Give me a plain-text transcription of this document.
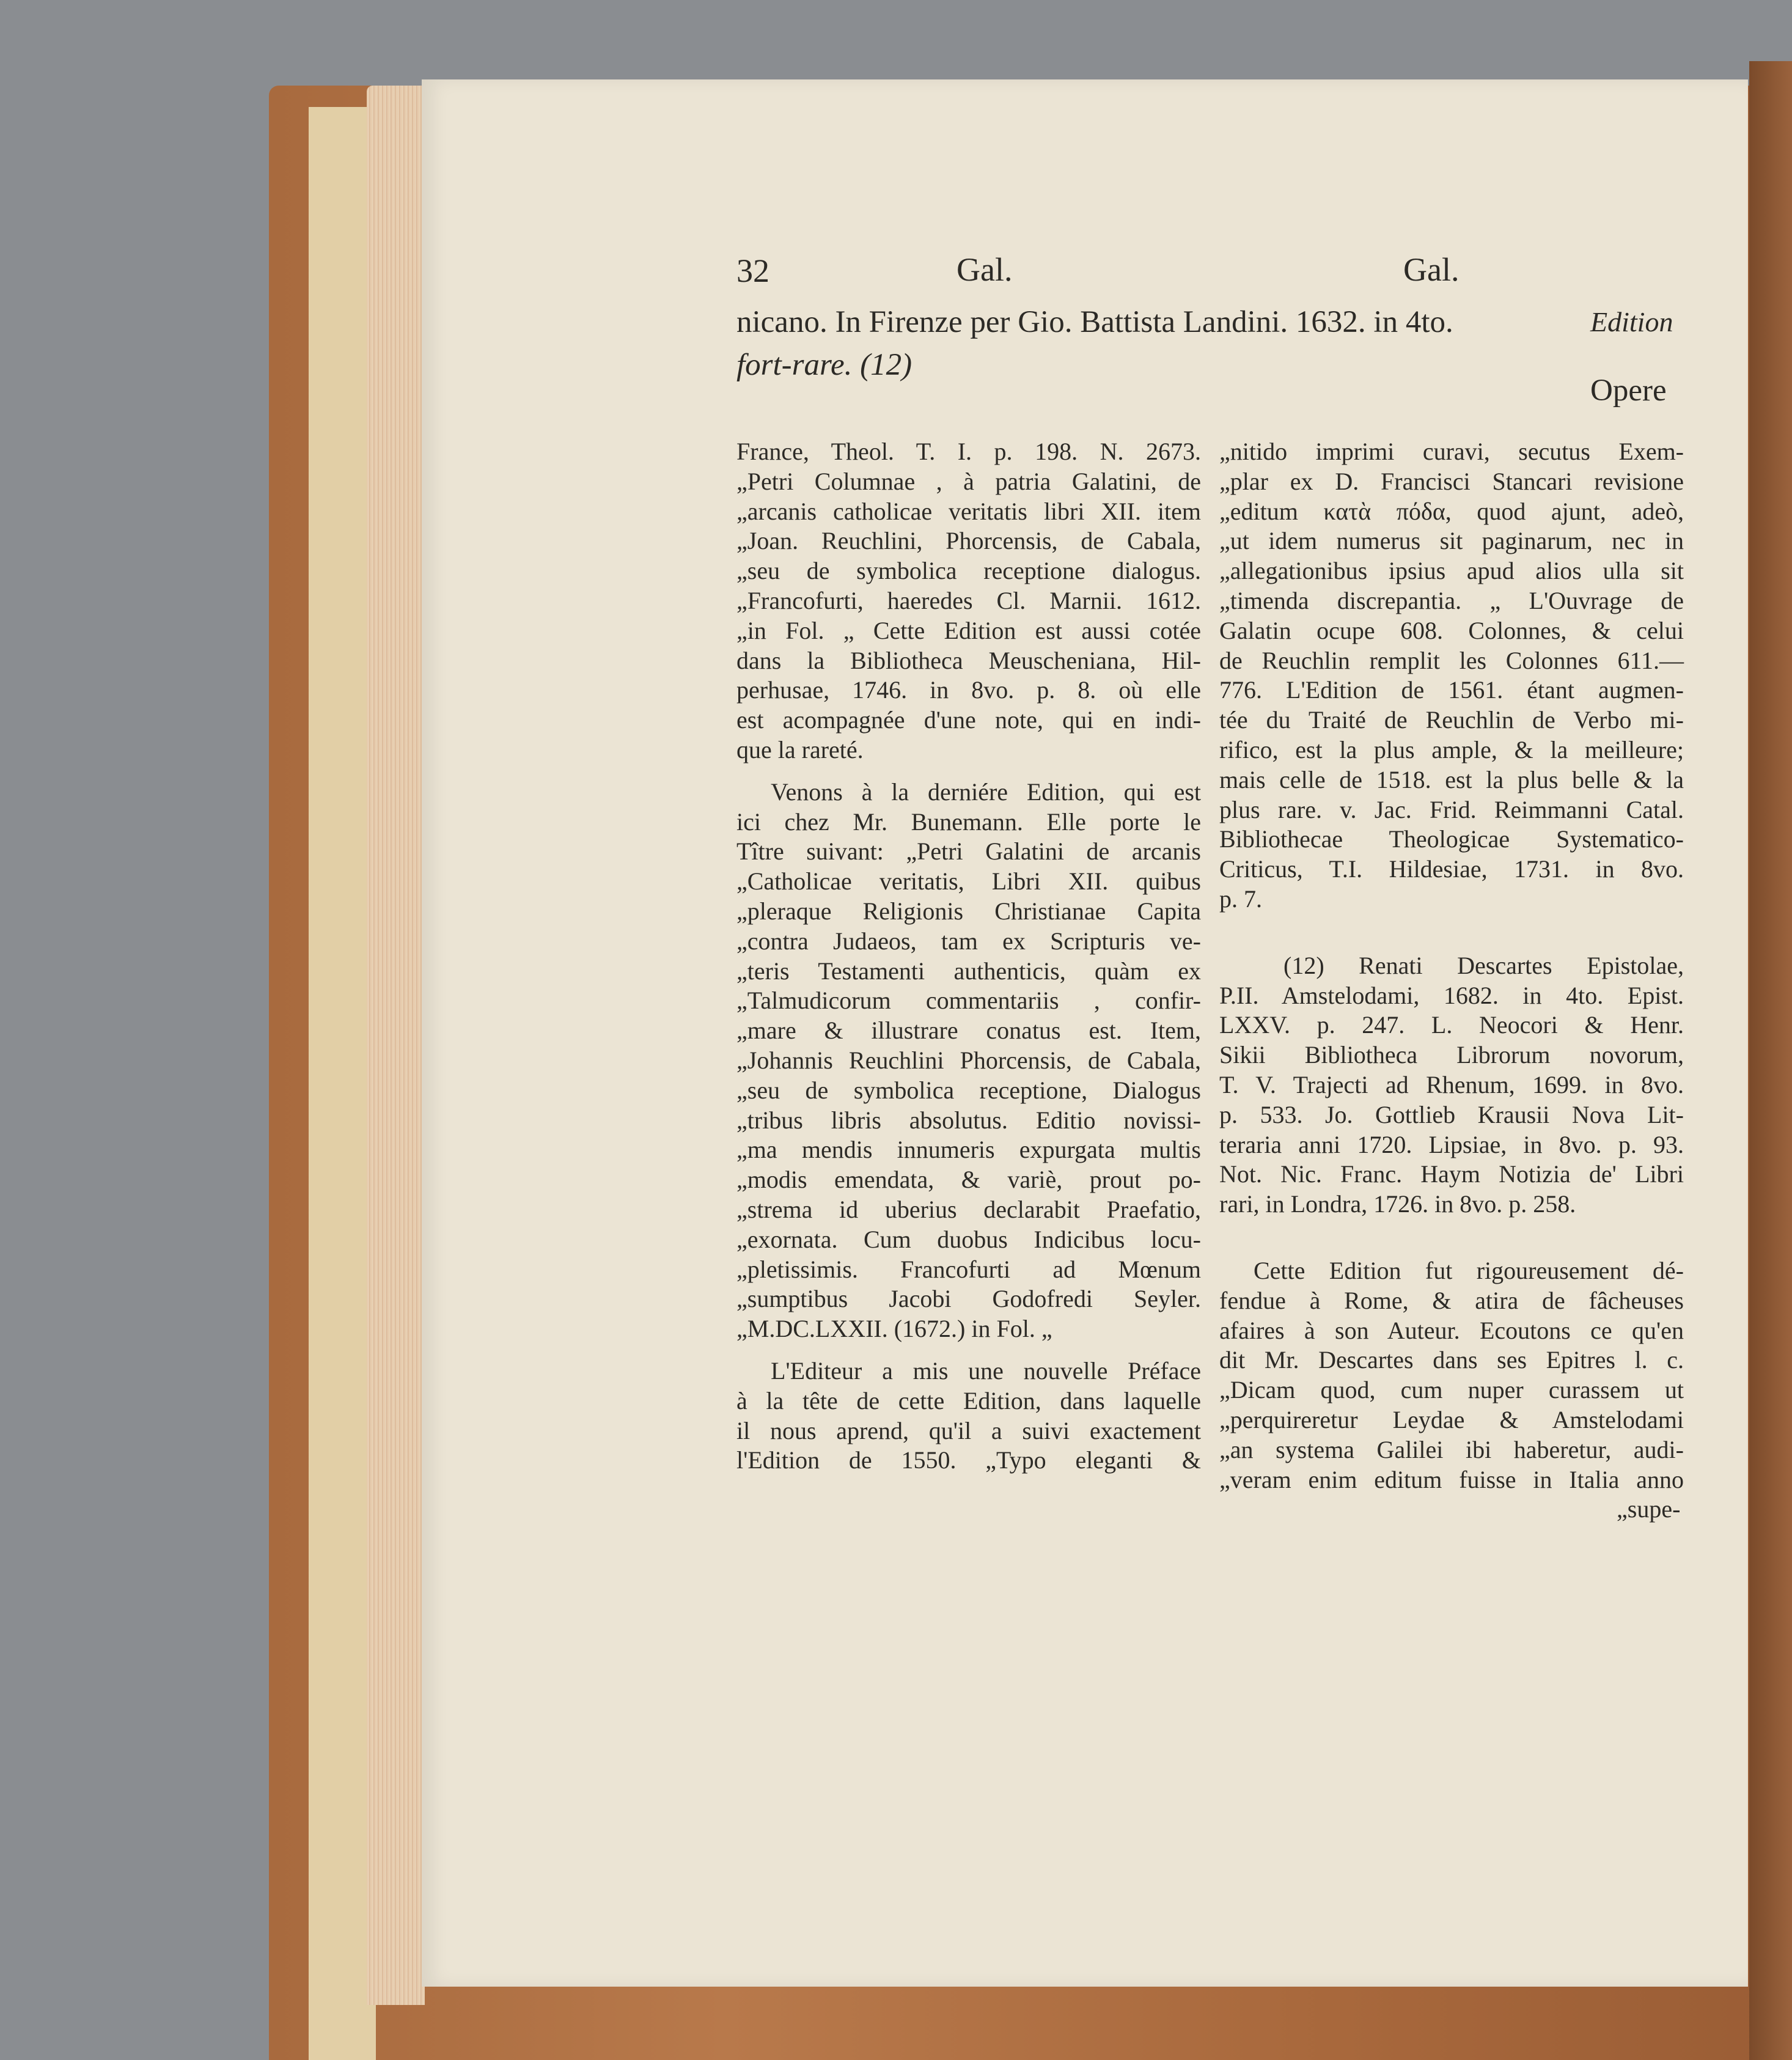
32	Gal.	Gal.
nicano. In Firenze per Gio. Battista Landini. 1632. in 4to.	Edition
fort-rare. (12)
Opere
France, Theol. T. I. p. 198. N. 2673.
„Petri Columnae , à patria Galatini, de
„arcanis catholicae veritatis libri XII. item
„Joan. Reuchlini, Phorcensis, de Cabala,
„seu de symbolica receptione dialogus.
„Francofurti, haeredes Cl. Marnii. 1612.
„in Fol. „ Cette Edition est aussi cotée
dans la Bibliotheca Meuscheniana, Hil-
perhusae, 1746. in 8vo. p. 8. où elle
est acompagnée d'une note, qui en indi-
que la rareté.
Venons à la derniére Edition, qui est
ici chez Mr. Bunemann. Elle porte le
Tître suivant: „Petri Galatini de arcanis
„Catholicae veritatis, Libri XII. quibus
„pleraque Religionis Christianae Capita
„contra Judaeos, tam ex Scripturis ve-
„teris Testamenti authenticis, quàm ex
„Talmudicorum commentariis , confir-
„mare & illustrare conatus est. Item,
„Johannis Reuchlini Phorcensis, de Cabala,
„seu de symbolica receptione, Dialogus
„tribus libris absolutus. Editio novissi-
„ma mendis innumeris expurgata multis
„modis emendata, & variè, prout po-
„strema id uberius declarabit Praefatio,
„exornata. Cum duobus Indicibus locu-
„pletissimis. Francofurti ad Mœnum
„sumptibus Jacobi Godofredi Seyler.
„M.DC.LXXII. (1672.) in Fol. „
L'Editeur a mis une nouvelle Préface
à la tête de cette Edition, dans laquelle
il nous aprend, qu'il a suivi exactement
l'Edition de 1550. „Typo eleganti &
„nitido imprimi curavi, secutus Exem-
„plar ex D. Francisci Stancari revisione
„editum κατὰ πόδα, quod ajunt, adeò,
„ut idem numerus sit paginarum, nec in
„allegationibus ipsius apud alios ulla sit
„timenda discrepantia. „ L'Ouvrage de
Galatin ocupe 608. Colonnes, & celui
de Reuchlin remplit les Colonnes 611.—
776. L'Edition de 1561. étant augmen-
tée du Traité de Reuchlin de Verbo mi-
rifico, est la plus ample, & la meilleure;
mais celle de 1518. est la plus belle & la
plus rare. v. Jac. Frid. Reimmanni Catal.
Bibliothecae Theologicae Systematico-
Criticus, T.I. Hildesiae, 1731. in 8vo.
p. 7.
(12) Renati Descartes Epistolae,
P.II. Amstelodami, 1682. in 4to. Epist.
LXXV. p. 247. L. Neocori & Henr.
Sikii Bibliotheca Librorum novorum,
T. V. Trajecti ad Rhenum, 1699. in 8vo.
p. 533. Jo. Gottlieb Krausii Nova Lit-
teraria anni 1720. Lipsiae, in 8vo. p. 93.
Not. Nic. Franc. Haym Notizia de' Libri
rari, in Londra, 1726. in 8vo. p. 258.
Cette Edition fut rigoureusement dé-
fendue à Rome, & atira de fâcheuses
afaires à son Auteur. Ecoutons ce qu'en
dit Mr. Descartes dans ses Epitres l. c.
„Dicam quod, cum nuper curassem ut
„perquireretur Leydae & Amstelodami
„an systema Galilei ibi haberetur, audi-
„veram enim editum fuisse in Italia anno
„supe-
